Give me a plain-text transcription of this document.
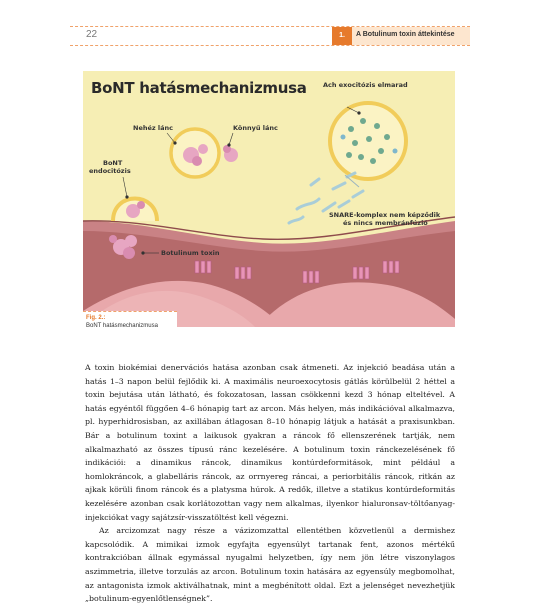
22	1.	A Botulinum toxin áttekintése
BoNT hatásmechanizmusa	Ach exocitózis elmarad
Nehéz lánc	Könnyű lánc
BoNT
endocitózis
Botulinum toxin
SNARE-komplex nem képződik
és nincs membránfúzió
Fig. 2.:
BoNT hatásmechanizmusa

A toxin biokémiai denervációs hatása azonban csak átmeneti. Az injekció beadása után a hatás 1–3 napon belül fejlődik ki. A maximális neuroexocytosis gátlás körülbelül 2 héttel a toxin bejutása után látható, és fokozatosan, lassan csökkenni kezd 3 hónap elteltével. A hatás egyéntől függően 4–6 hónapig tart az arcon. Más helyen, más indikációval alkalmazva, pl. hyperhidrosisban, az axillában átlagosan 8–10 hónapig látjuk a hatását a praxisunkban. Bár a botulinum toxint a laikusok gyakran a ráncok fő ellenszerének tartják, nem alkalmazható az összes típusú ránc kezelésére. A botulinum toxin ránckezelésének fő indikációi: a dinamikus ráncok, dinamikus kontúrdeformitások, mint például a homlokráncok, a glabelláris ráncok, az orrnyereg ráncai, a periorbitális ráncok, ritkán az ajkak körüli finom ráncok és a platysma húrok. A redők, illetve a statikus kontúrdeformitás kezelésére azonban csak korlátozottan vagy nem alkalmas, ilyenkor hialuronsav-töltőanyag-injekciókat vagy sajátzsír-visszatöltést kell végezni.

Az arcizomzat nagy része a vázizomzattal ellentétben közvetlenül a dermishez kapcsolódik. A mimikai izmok egyfajta egyensúlyt tartanak fent, azonos mértékű kontrakcióban állnak egymással nyugalmi helyzetben, így nem jön létre viszonylagos aszimmetria, illetve torzulás az arcon. Botulinum toxin hatására az egyensúly megbomolhat, az antagonista izmok aktiválhatnak, mint a megbénított oldal. Ezt a jelenséget nevezhetjük „botulinum-egyenlőtlenségnek”.
